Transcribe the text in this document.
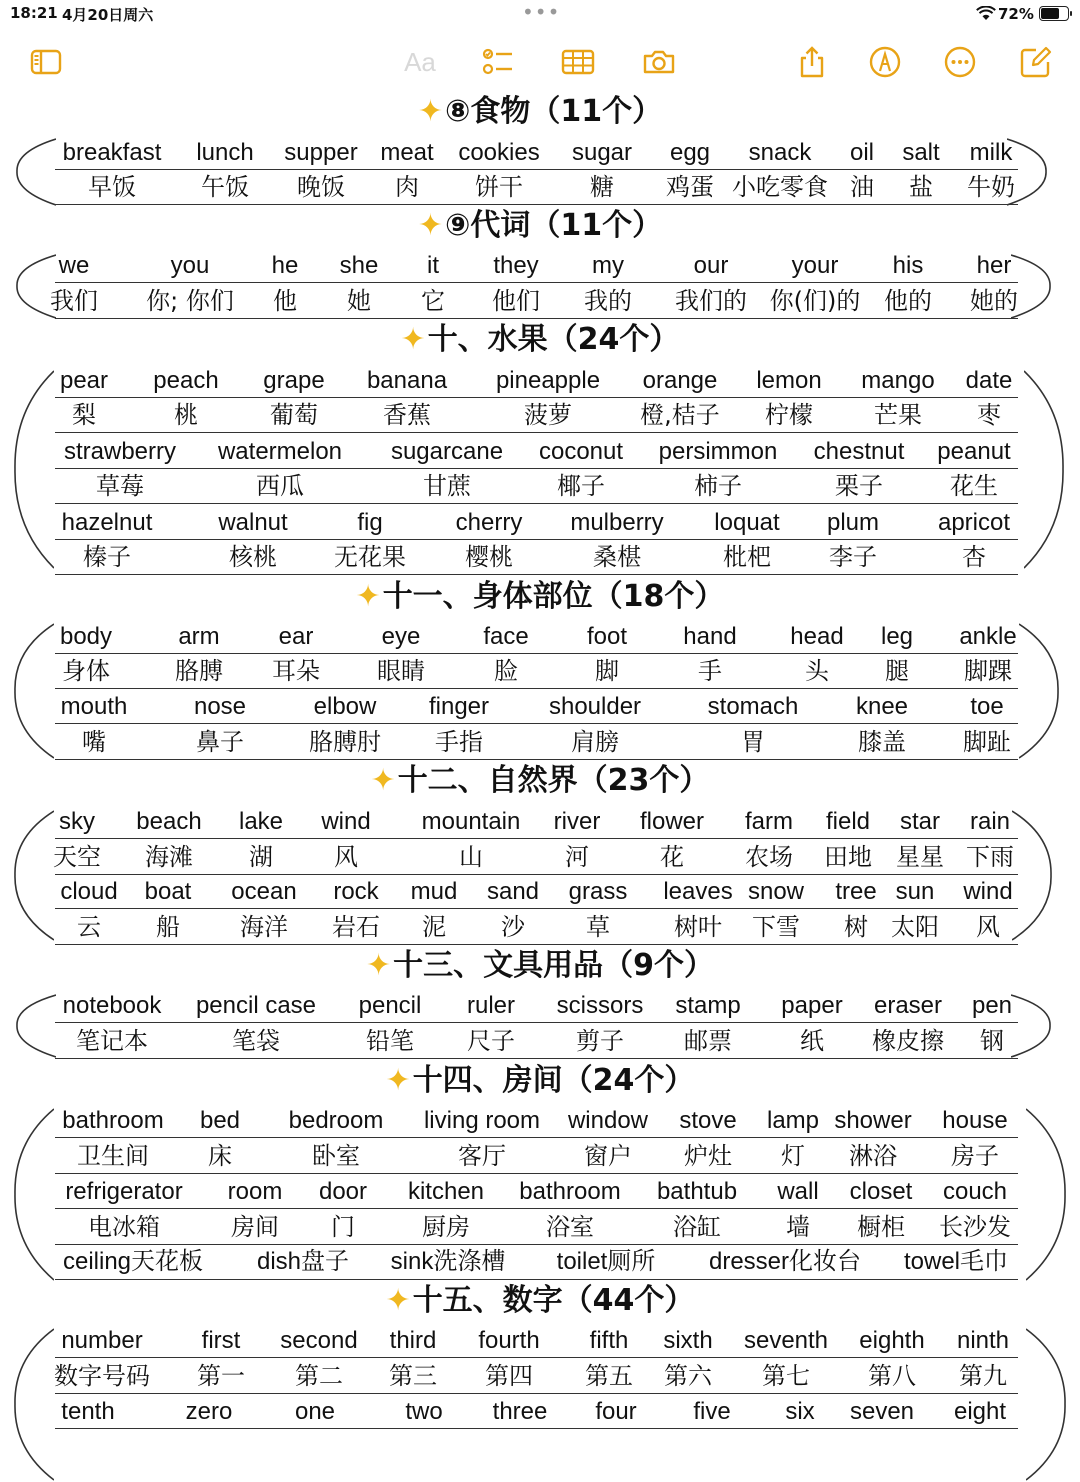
18:21 4月20日周六	•••	72%
Aa
✦⑧食物（11个）
breakfast lunch supper meat cookies sugar egg snack oil salt milk
早饭	午饭 晚饭 肉 饼干	糖 鸡蛋 小吃零食 油 盐 牛奶
✦⑨代词（11个）
we	you	he she it they my	our	your his her
我们 你; 你们 他 她 它 他们 我的 我们的 你(们)的 他的 她的
✦十、水果（24个）
pear peach grape banana pineapple orange lemon mango date
梨	桃	葡萄	香蕉	菠萝	橙,桔子 柠檬	芒果 枣
strawberry watermelon sugarcane coconut persimmon chestnut peanut
草莓	西瓜	甘蔗	椰子	柿子	栗子	花生
hazelnut	walnut	fig	cherry mulberry loquat plum apricot
榛子	核桃 无花果 樱桃	桑椹	枇杷 李子	杏
✦十一、身体部位（18个）
body	arm ear	eye	face foot hand head leg ankle
身体	胳膊 耳朵 眼睛	脸	脚	手	头 腿 脚踝
mouth	nose	elbow finger shoulder	stomach knee	toe
嘴	鼻子	胳膊肘 手指	肩膀	胃	膝盖 脚趾
✦十二、自然界（23个）
sky beach lake wind mountain river flower farm field star rain
天空 海滩 湖	风	山	河	花	农场 田地 星星 下雨
cloud boat ocean rock mud sand grass leaves snow tree sun wind
云 船	海洋 岩石 泥 沙	草	树叶 下雪 树 太阳 风
✦十三、文具用品（9个）
notebook pencil case pencil ruler scissors stamp paper eraser pen
笔记本	笔袋	铅笔 尺子	剪子	邮票	纸 橡皮擦 钢
✦十四、房间（24个）
bathroom bed bedroom living room window stove lamp shower house
卫生间 床	卧室	客厅	窗户 炉灶 灯 淋浴 房子
refrigerator room door kitchen bathroom bathtub wall closet couch
电冰箱	房间 门	厨房	浴室	浴缸	墙 橱柜 长沙发
ceiling天花板 dish盘子 sink洗涤槽 toilet厕所 dresser化妆台 towel毛巾
✦十五、数字（44个）
number first second third fourth fifth sixth seventh eighth ninth
数字号码 第一 第二 第三 第四 第五 第六 第七 第八 第九
tenth	zero	one	two three four five six seven eight
